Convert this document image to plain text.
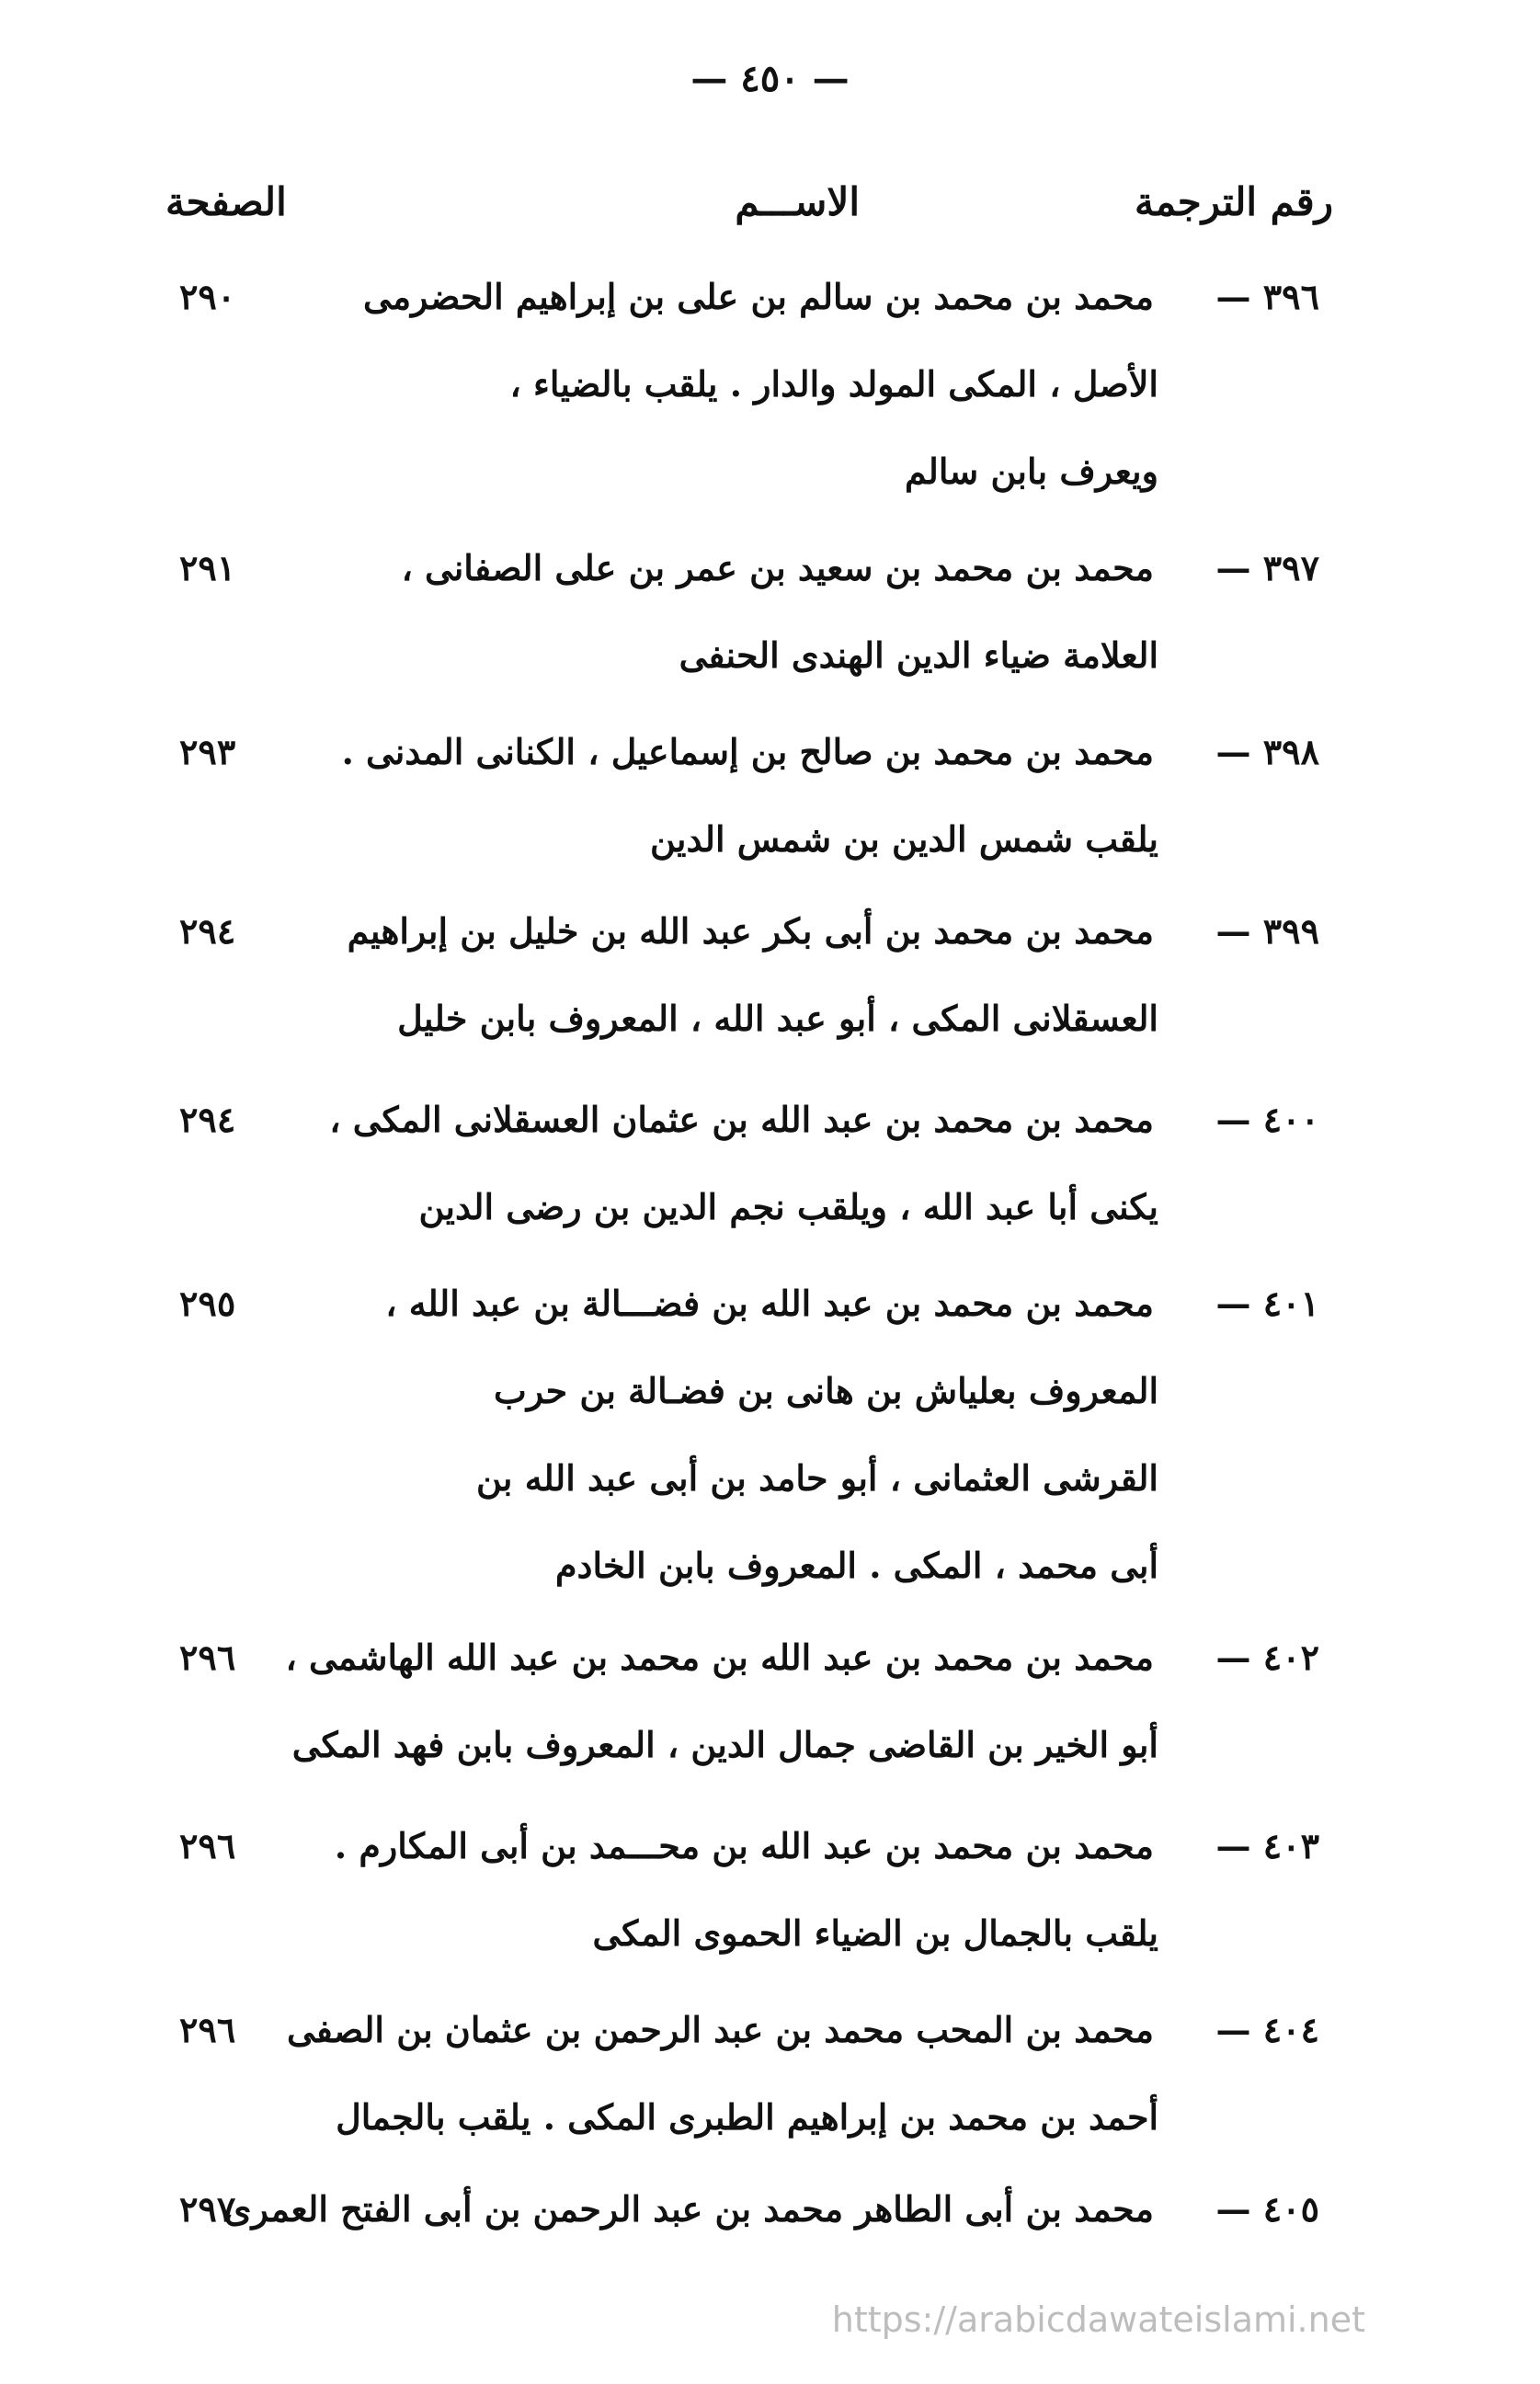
— ٤٥٠ —
رقم الترجمة
الاســـم
الصفحة
٣٩٦ —
محمد بن محمد بن سالم بن على بن إبراهيم الحضرمى
الأصل ، المكى المولد والدار . يلقب بالضياء ،
ويعرف بابن سالم
٢٩٠
٣٩٧ —
محمد بن محمد بن سعيد بن عمر بن على الصفانى ،
العلامة ضياء الدين الهندى الحنفى
٢٩١
٣٩٨ —
محمد بن محمد بن صالح بن إسماعيل ، الكنانى المدنى .
يلقب شمس الدين بن شمس الدين
٢٩٣
٣٩٩ —
محمد بن محمد بن أبى بكر عبد الله بن خليل بن إبراهيم
العسقلانى المكى ، أبو عبد الله ، المعروف بابن خليل
٢٩٤
٤٠٠ —
محمد بن محمد بن عبد الله بن عثمان العسقلانى المكى ،
يكنى أبا عبد الله ، ويلقب نجم الدين بن رضى الدين
٢٩٤
٤٠١ —
محمد بن محمد بن عبد الله بن فضـــالة بن عبد الله ،
المعروف بعلياش بن هانى بن فضـالة بن حرب
القرشى العثمانى ، أبو حامد بن أبى عبد الله بن
أبى محمد ، المكى . المعروف بابن الخادم
٢٩٥
٤٠٢ —
محمد بن محمد بن عبد الله بن محمد بن عبد الله الهاشمى ،
أبو الخير بن القاضى جمال الدين ، المعروف بابن فهد المكى
٢٩٦
٤٠٣ —
محمد بن محمد بن عبد الله بن محـــمد بن أبى المكارم .
يلقب بالجمال بن الضياء الحموى المكى
٢٩٦
٤٠٤ —
محمد بن المحب محمد بن عبد الرحمن بن عثمان بن الصفى
أحمد بن محمد بن إبراهيم الطبرى المكى . يلقب بالجمال
٢٩٦
٤٠٥ —
محمد بن أبى الطاهر محمد بن عبد الرحمن بن أبى الفتح العمرى
٢٩٧
https://arabicdawateislami.net
